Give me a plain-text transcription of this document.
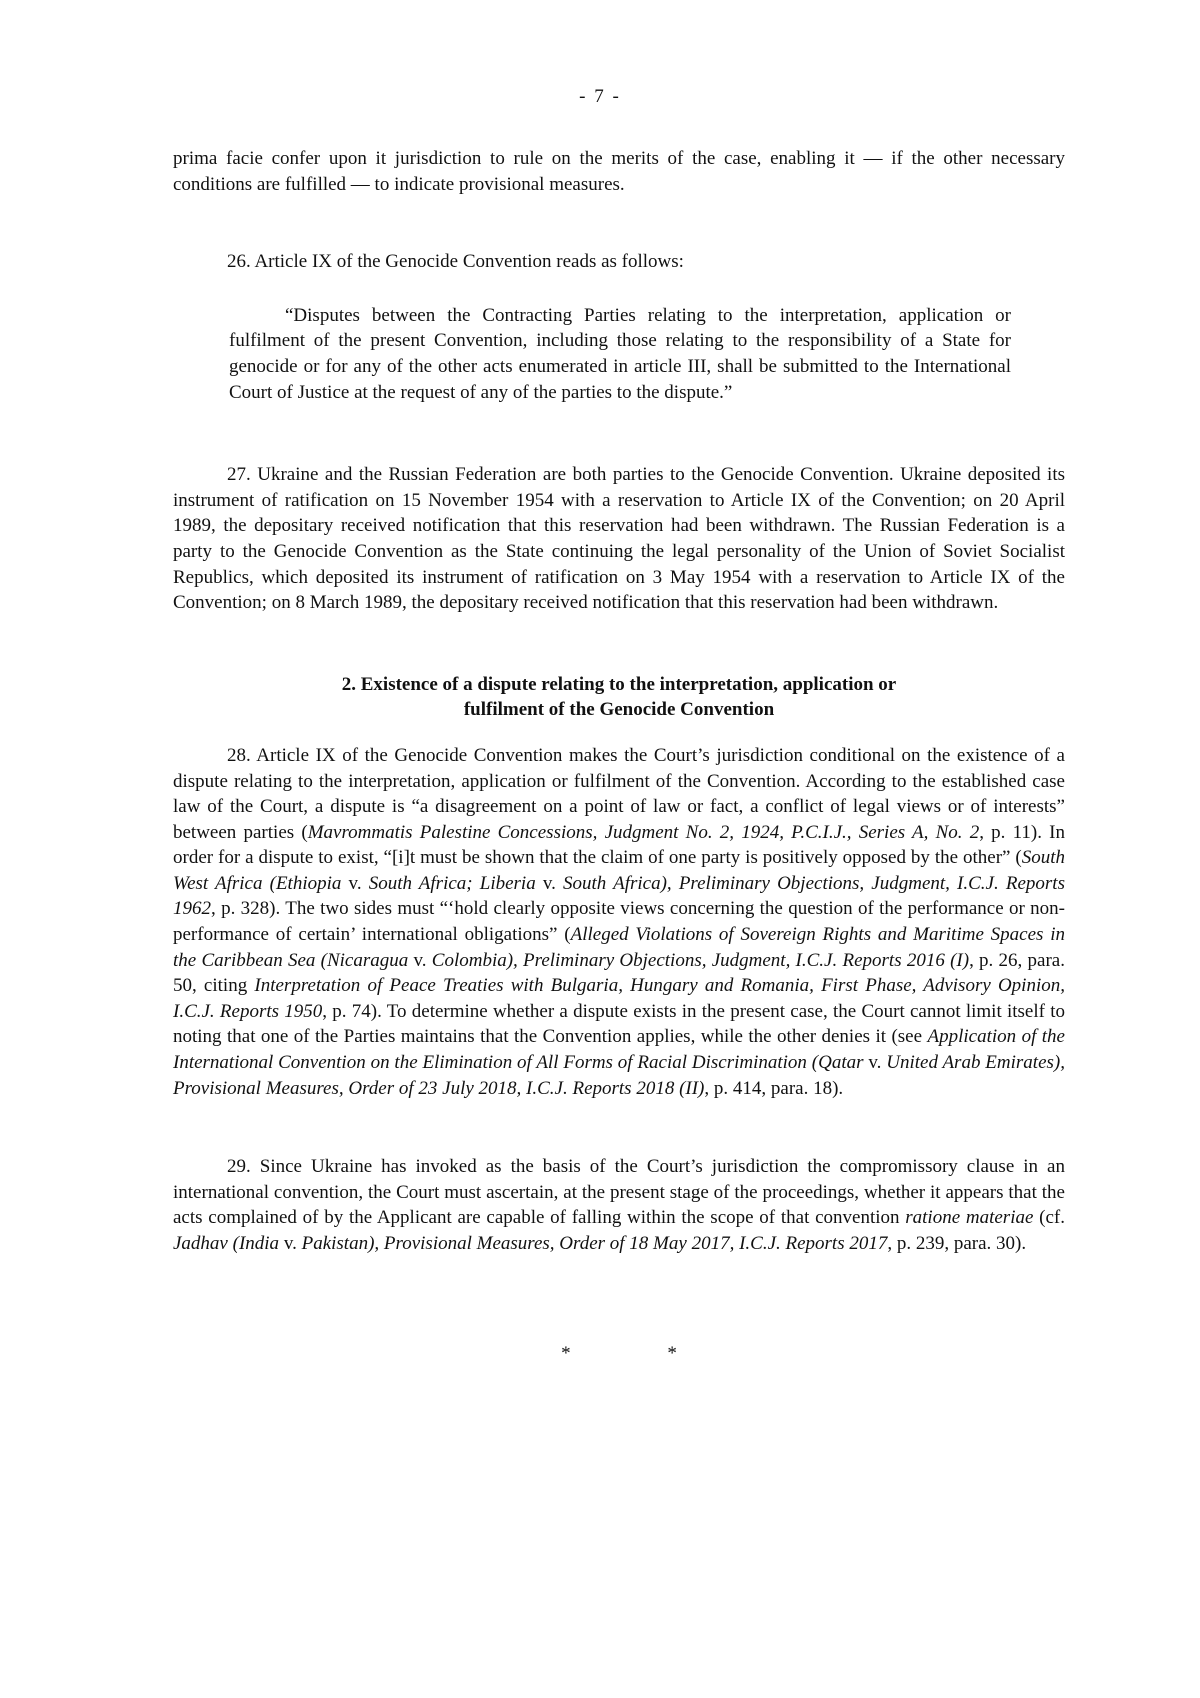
- 7 -

prima facie confer upon it jurisdiction to rule on the merits of the case, enabling it — if the other necessary conditions are fulfilled — to indicate provisional measures.

26. Article IX of the Genocide Convention reads as follows:

“Disputes between the Contracting Parties relating to the interpretation, application or fulfilment of the present Convention, including those relating to the responsibility of a State for genocide or for any of the other acts enumerated in article III, shall be submitted to the International Court of Justice at the request of any of the parties to the dispute.”

27. Ukraine and the Russian Federation are both parties to the Genocide Convention. Ukraine deposited its instrument of ratification on 15 November 1954 with a reservation to Article IX of the Convention; on 20 April 1989, the depositary received notification that this reservation had been withdrawn. The Russian Federation is a party to the Genocide Convention as the State continuing the legal personality of the Union of Soviet Socialist Republics, which deposited its instrument of ratification on 3 May 1954 with a reservation to Article IX of the Convention; on 8 March 1989, the depositary received notification that this reservation had been withdrawn.

2. Existence of a dispute relating to the interpretation, application or
fulfilment of the Genocide Convention

28. Article IX of the Genocide Convention makes the Court’s jurisdiction conditional on the existence of a dispute relating to the interpretation, application or fulfilment of the Convention. According to the established case law of the Court, a dispute is “a disagreement on a point of law or fact, a conflict of legal views or of interests” between parties (Mavrommatis Palestine Concessions, Judgment No. 2, 1924, P.C.I.J., Series A, No. 2, p. 11). In order for a dispute to exist, “[i]t must be shown that the claim of one party is positively opposed by the other” (South West Africa (Ethiopia v. South Africa; Liberia v. South Africa), Preliminary Objections, Judgment, I.C.J. Reports 1962, p. 328). The two sides must “‘hold clearly opposite views concerning the question of the performance or non-performance of certain’ international obligations” (Alleged Violations of Sovereign Rights and Maritime Spaces in the Caribbean Sea (Nicaragua v. Colombia), Preliminary Objections, Judgment, I.C.J. Reports 2016 (I), p. 26, para. 50, citing Interpretation of Peace Treaties with Bulgaria, Hungary and Romania, First Phase, Advisory Opinion, I.C.J. Reports 1950, p. 74). To determine whether a dispute exists in the present case, the Court cannot limit itself to noting that one of the Parties maintains that the Convention applies, while the other denies it (see Application of the International Convention on the Elimination of All Forms of Racial Discrimination (Qatar v. United Arab Emirates), Provisional Measures, Order of 23 July 2018, I.C.J. Reports 2018 (II), p. 414, para. 18).

29. Since Ukraine has invoked as the basis of the Court’s jurisdiction the compromissory clause in an international convention, the Court must ascertain, at the present stage of the proceedings, whether it appears that the acts complained of by the Applicant are capable of falling within the scope of that convention ratione materiae (cf. Jadhav (India v. Pakistan), Provisional Measures, Order of 18 May 2017, I.C.J. Reports 2017, p. 239, para. 30).

* *
